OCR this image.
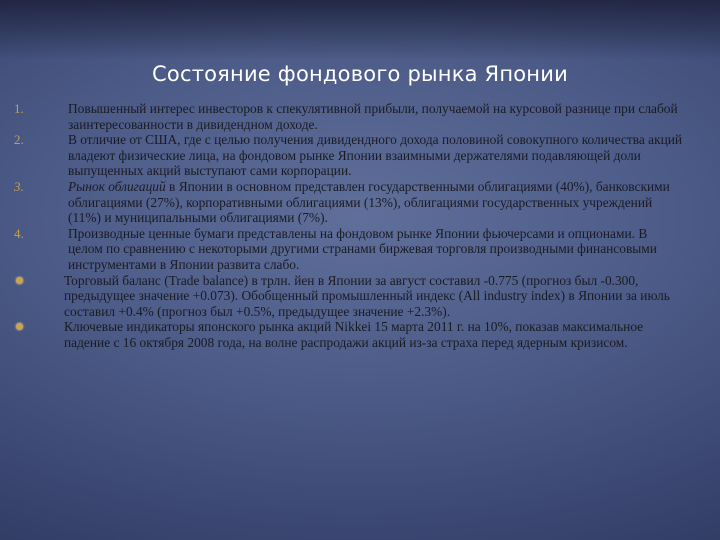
Состояние фондового рынка Японии
1.	Повышенный интерес инвесторов к спекулятивной прибыли, получаемой на курсовой разнице при слабой заинтересованности в дивидендном доходе.
2.	В отличие от США, где с целью получения дивидендного дохода половиной совокупного количества акций владеют физические лица, на фондовом рынке Японии взаимными держателями подавляющей доли выпущенных акций выступают сами корпорации.
3.	Рынок облигаций в Японии в основном представлен государственными облигациями (40%), банковскими облигациями (27%), корпоративными облигациями (13%), облигациями государственных учреждений (11%) и муниципальными облигациями (7%).
4.	Производные ценные бумаги представлены на фондовом рынке Японии фьючерсами и опционами. В целом по сравнению с некоторыми другими странами биржевая торговля производными финансовыми инструментами в Японии развита слабо.
Торговый баланс (Trade balance) в трлн. йен в Японии за август составил -0.775 (прогноз был -0.300, предыдущее значение +0.073). Обобщенный промышленный индекс (All industry index) в Японии за июль составил +0.4% (прогноз был +0.5%, предыдущее значение +2.3%).
Ключевые индикаторы японского рынка акций Nikkei 15 марта 2011 г. на 10%, показав максимальное падение с 16 октября 2008 года, на волне распродажи акций из-за страха перед ядерным кризисом.
